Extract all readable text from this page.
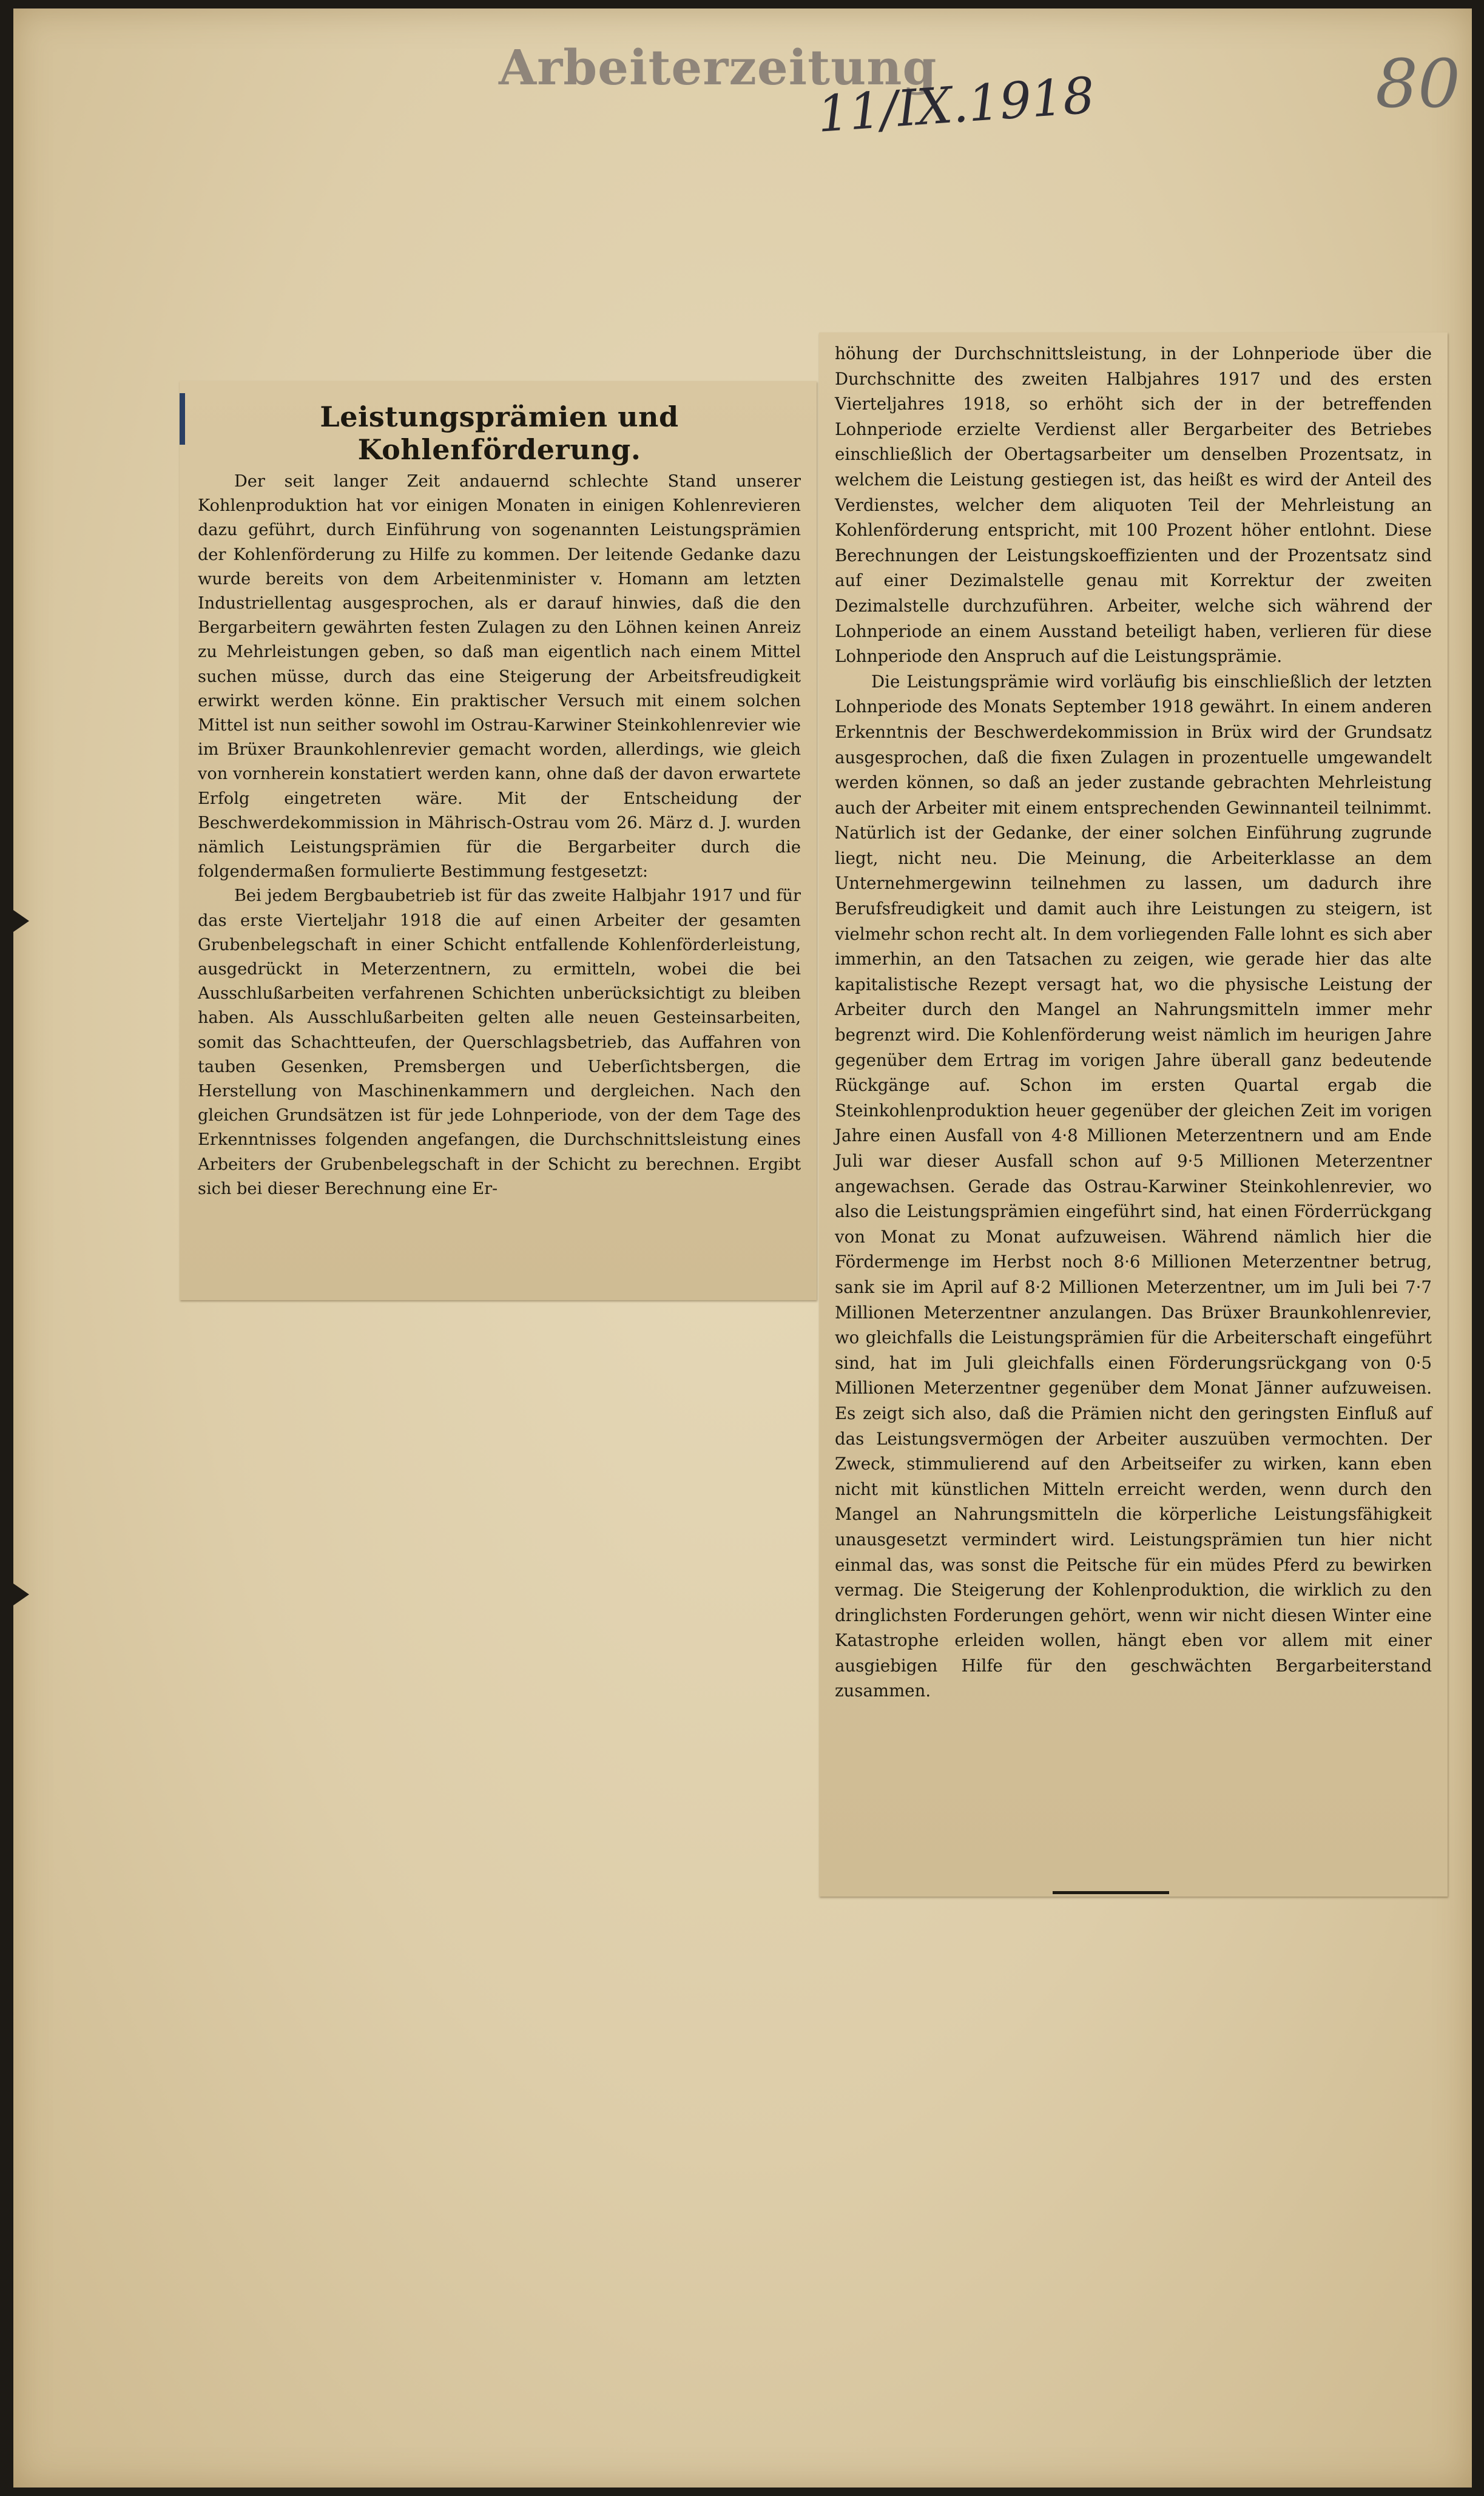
Arbeiterzeitung
11/IX.1918	80
Leistungsprämien und Kohlenförderung.

Der seit langer Zeit andauernd schlechte Stand unserer Kohlenproduktion hat vor einigen Monaten in einigen Kohlenrevieren dazu geführt, durch Einführung von sogenannten Leistungsprämien der Kohlenförderung zu Hilfe zu kommen. Der leitende Gedanke dazu wurde bereits von dem Arbeitenminister v. Homann am letzten Industriellentag ausgesprochen, als er darauf hinwies, daß die den Bergarbeitern gewährten festen Zulagen zu den Löhnen keinen Anreiz zu Mehrleistungen geben, so daß man eigentlich nach einem Mittel suchen müsse, durch das eine Steigerung der Arbeitsfreudigkeit erwirkt werden könne. Ein praktischer Versuch mit einem solchen Mittel ist nun seither sowohl im Ostrau-Karwiner Steinkohlenrevier wie im Brüxer Braunkohlenrevier gemacht worden, allerdings, wie gleich von vornherein konstatiert werden kann, ohne daß der davon erwartete Erfolg eingetreten wäre. Mit der Entscheidung der Beschwerdekommission in Mährisch-Ostrau vom 26. März d. J. wurden nämlich Leistungsprämien für die Bergarbeiter durch die folgendermaßen formulierte Bestimmung festgesetzt:

Bei jedem Bergbaubetrieb ist für das zweite Halbjahr 1917 und für das erste Vierteljahr 1918 die auf einen Arbeiter der gesamten Grubenbelegschaft in einer Schicht entfallende Kohlenförderleistung, ausgedrückt in Meterzentnern, zu ermitteln, wobei die bei Ausschlußarbeiten verfahrenen Schichten unberücksichtigt zu bleiben haben. Als Ausschlußarbeiten gelten alle neuen Gesteinsarbeiten, somit das Schachtteufen, der Querschlagsbetrieb, das Auffahren von tauben Gesenken, Premsbergen und Ueberſichtsbergen, die Herstellung von Maschinenkammern und dergleichen. Nach den gleichen Grundsätzen ist für jede Lohnperiode, von der dem Tage des Erkenntnisses folgenden angefangen, die Durchschnittsleistung eines Arbeiters der Grubenbelegschaft in der Schicht zu berechnen. Ergibt sich bei dieser Berechnung eine Er-

höhung der Durchschnittsleistung, in der Lohnperiode über die Durchschnitte des zweiten Halbjahres 1917 und des ersten Vierteljahres 1918, so erhöht sich der in der betreffenden Lohnperiode erzielte Verdienst aller Bergarbeiter des Betriebes einschließlich der Obertagsarbeiter um denselben Prozentsatz, in welchem die Leistung gestiegen ist, das heißt es wird der Anteil des Verdienstes, welcher dem aliquoten Teil der Mehrleistung an Kohlenförderung entspricht, mit 100 Prozent höher entlohnt. Diese Berechnungen der Leistungskoeffizienten und der Prozentsatz sind auf einer Dezimalstelle genau mit Korrektur der zweiten Dezimalstelle durchzuführen. Arbeiter, welche sich während der Lohnperiode an einem Ausstand beteiligt haben, verlieren für diese Lohnperiode den Anspruch auf die Leistungsprämie.

Die Leistungsprämie wird vorläufig bis einschließlich der letzten Lohnperiode des Monats September 1918 gewährt. In einem anderen Erkenntnis der Beschwerdekommission in Brüx wird der Grundsatz ausgesprochen, daß die fixen Zulagen in prozentuelle umgewandelt werden können, so daß an jeder zustande gebrachten Mehrleistung auch der Arbeiter mit einem entsprechenden Gewinnanteil teilnimmt. Natürlich ist der Gedanke, der einer solchen Einführung zugrunde liegt, nicht neu. Die Meinung, die Arbeiterklasse an dem Unternehmergewinn teilnehmen zu lassen, um dadurch ihre Berufsfreudigkeit und damit auch ihre Leistungen zu steigern, ist vielmehr schon recht alt. In dem vorliegenden Falle lohnt es sich aber immerhin, an den Tatsachen zu zeigen, wie gerade hier das alte kapitalistische Rezept versagt hat, wo die physische Leistung der Arbeiter durch den Mangel an Nahrungsmitteln immer mehr begrenzt wird. Die Kohlenförderung weist nämlich im heurigen Jahre gegenüber dem Ertrag im vorigen Jahre überall ganz bedeutende Rückgänge auf. Schon im ersten Quartal ergab die Steinkohlenproduktion heuer gegenüber der gleichen Zeit im vorigen Jahre einen Ausfall von 4·8 Millionen Meterzentnern und am Ende Juli war dieser Ausfall schon auf 9·5 Millionen Meterzentner angewachsen. Gerade das Ostrau-Karwiner Steinkohlenrevier, wo also die Leistungsprämien eingeführt sind, hat einen Förderrückgang von Monat zu Monat aufzuweisen. Während nämlich hier die Fördermenge im Herbst noch 8·6 Millionen Meterzentner betrug, sank sie im April auf 8·2 Millionen Meterzentner, um im Juli bei 7·7 Millionen Meterzentner anzulangen. Das Brüxer Braunkohlenrevier, wo gleichfalls die Leistungsprämien für die Arbeiterschaft eingeführt sind, hat im Juli gleichfalls einen Förderungsrückgang von 0·5 Millionen Meterzentner gegenüber dem Monat Jänner aufzuweisen. Es zeigt sich also, daß die Prämien nicht den geringsten Einfluß auf das Leistungsvermögen der Arbeiter auszuüben vermochten. Der Zweck, stimmulierend auf den Arbeitseifer zu wirken, kann eben nicht mit künstlichen Mitteln erreicht werden, wenn durch den Mangel an Nahrungsmitteln die körperliche Leistungsfähigkeit unausgesetzt vermindert wird. Leistungsprämien tun hier nicht einmal das, was sonst die Peitsche für ein müdes Pferd zu bewirken vermag. Die Steigerung der Kohlenproduktion, die wirklich zu den dringlichsten Forderungen gehört, wenn wir nicht diesen Winter eine Katastrophe erleiden wollen, hängt eben vor allem mit einer ausgiebigen Hilfe für den geschwächten Bergarbeiterstand zusammen.
